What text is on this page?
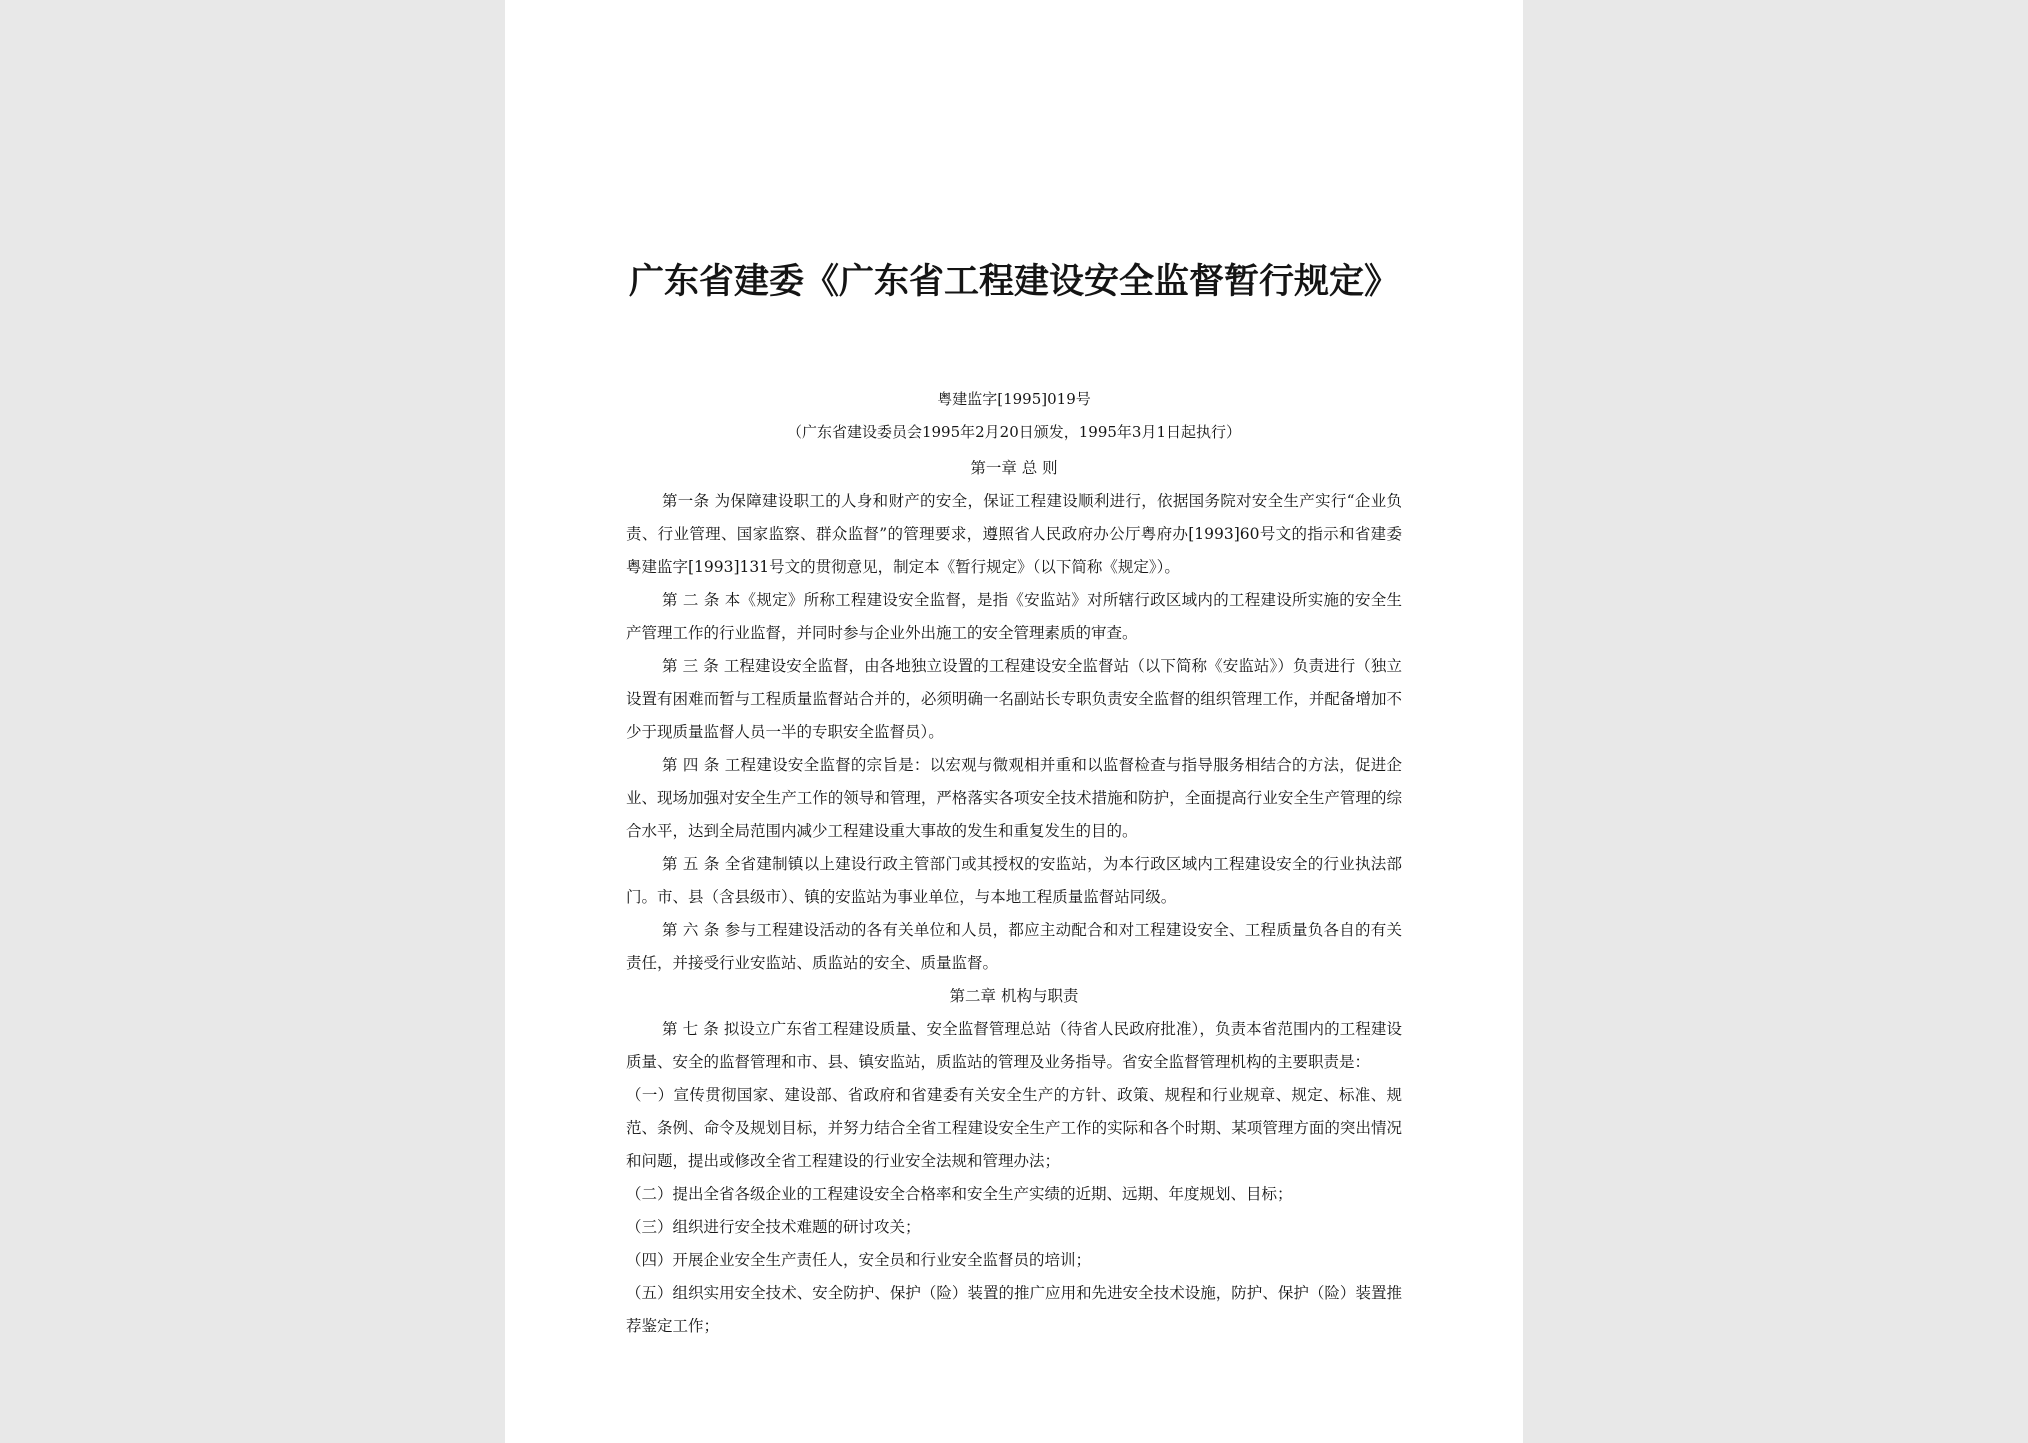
广东省建委《广东省工程建设安全监督暂行规定》
粤建监字[1995]019号
（广东省建设委员会1995年2月20日颁发，1995年3月1日起执行）

第一章 总 则

第一条 为保障建设职工的人身和财产的安全，保证工程建设顺利进行，依据国务院对安全生产实行“企业负责、行业管理、国家监察、群众监督”的管理要求，遵照省人民政府办公厅粤府办[1993]60号文的指示和省建委粤建监字[1993]131号文的贯彻意见，制定本《暂行规定》（以下简称《规定》）。

第 二 条 本《规定》所称工程建设安全监督，是指《安监站》对所辖行政区域内的工程建设所实施的安全生产管理工作的行业监督，并同时参与企业外出施工的安全管理素质的审查。

第 三 条 工程建设安全监督，由各地独立设置的工程建设安全监督站（以下简称《安监站》）负责进行（独立设置有困难而暂与工程质量监督站合并的，必须明确一名副站长专职负责安全监督的组织管理工作，并配备增加不少于现质量监督人员一半的专职安全监督员）。

第 四 条 工程建设安全监督的宗旨是：以宏观与微观相并重和以监督检查与指导服务相结合的方法，促进企业、现场加强对安全生产工作的领导和管理，严格落实各项安全技术措施和防护，全面提高行业安全生产管理的综合水平，达到全局范围内减少工程建设重大事故的发生和重复发生的目的。

第 五 条 全省建制镇以上建设行政主管部门或其授权的安监站，为本行政区域内工程建设安全的行业执法部门。市、县（含县级市）、镇的安监站为事业单位，与本地工程质量监督站同级。

第 六 条 参与工程建设活动的各有关单位和人员，都应主动配合和对工程建设安全、工程质量负各自的有关责任，并接受行业安监站、质监站的安全、质量监督。

第二章 机构与职责

第 七 条 拟设立广东省工程建设质量、安全监督管理总站（待省人民政府批准），负责本省范围内的工程建设质量、安全的监督管理和市、县、镇安监站，质监站的管理及业务指导。省安全监督管理机构的主要职责是：

（一）宣传贯彻国家、建设部、省政府和省建委有关安全生产的方针、政策、规程和行业规章、规定、标准、规范、条例、命令及规划目标，并努力结合全省工程建设安全生产工作的实际和各个时期、某项管理方面的突出情况和问题，提出或修改全省工程建设的行业安全法规和管理办法；

（二）提出全省各级企业的工程建设安全合格率和安全生产实绩的近期、远期、年度规划、目标；

（三）组织进行安全技术难题的研讨攻关；

（四）开展企业安全生产责任人，安全员和行业安全监督员的培训；

（五）组织实用安全技术、安全防护、保护（险）装置的推广应用和先进安全技术设施，防护、保护（险）装置推荐鉴定工作；
